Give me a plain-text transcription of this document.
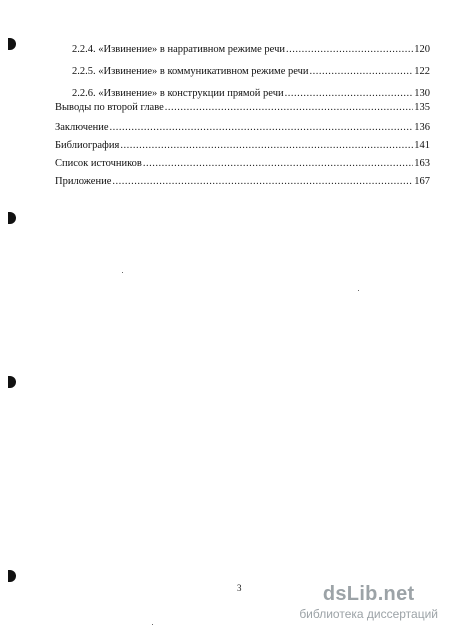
2.2.4. «Извинение» в нарративном режиме речи .....	120
2.2.5. «Извинение» в коммуникативном режиме речи .....	122
2.2.6. «Извинение» в конструкции прямой речи .....	130
Выводы по второй главе .....	135
Заключение .....	136
Библиография .....	141
Список источников .....	163
Приложение .....	167
3	dsLib.net
библиотека диссертаций
